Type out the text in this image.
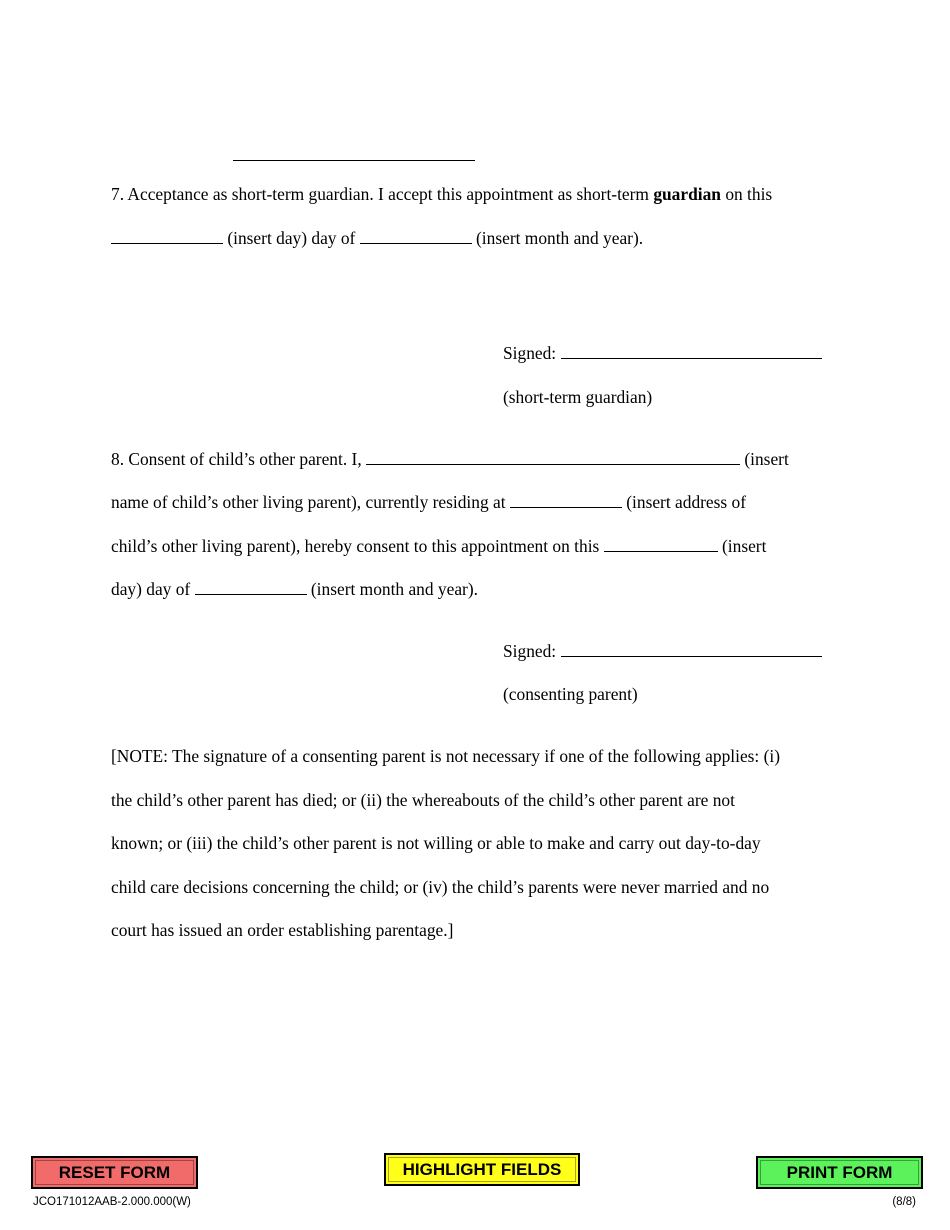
7. Acceptance as short-term guardian. I accept this appointment as short-term guardian on this
(insert day) day of	(insert month and year).
Signed:
(short-term guardian)
8. Consent of child’s other parent. I,	(insert
name of child’s other living parent), currently residing at	(insert address of
child’s other living parent), hereby consent to this appointment on this	(insert
day) day of	(insert month and year).
Signed:
(consenting parent)
[NOTE: The signature of a consenting parent is not necessary if one of the following applies: (i)
the child’s other parent has died; or (ii) the whereabouts of the child’s other parent are not
known; or (iii) the child’s other parent is not willing or able to make and carry out day-to-day
child care decisions concerning the child; or (iv) the child’s parents were never married and no
court has issued an order establishing parentage.]
RESET FORM	HIGHLIGHT FIELDS	PRINT FORM
JCO171012AAB-2.000.000(W)	(8/8)
